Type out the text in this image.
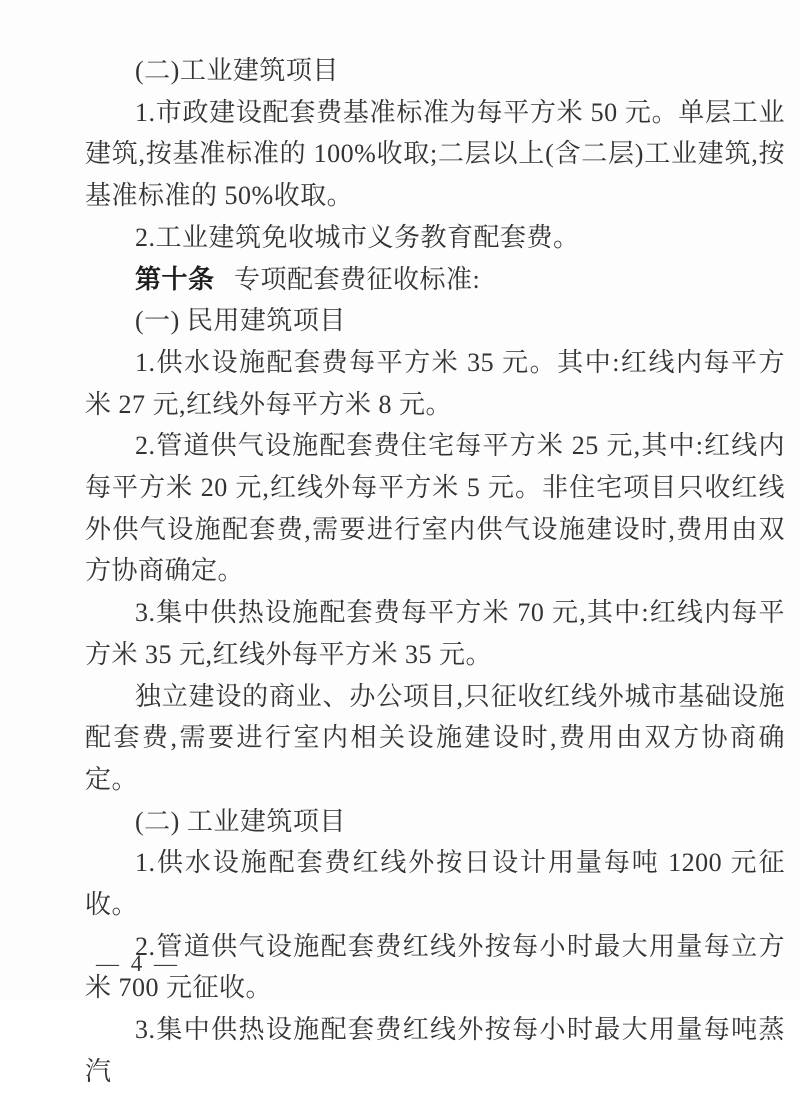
(二)工业建筑项目

1.市政建设配套费基准标准为每平方米 50 元。单层工业建筑,按基准标准的 100%收取;二层以上(含二层)工业建筑,按基准标准的 50%收取。

2.工业建筑免收城市义务教育配套费。

第十条 专项配套费征收标准:

(一) 民用建筑项目

1.供水设施配套费每平方米 35 元。其中:红线内每平方米 27 元,红线外每平方米 8 元。

2.管道供气设施配套费住宅每平方米 25 元,其中:红线内每平方米 20 元,红线外每平方米 5 元。非住宅项目只收红线外供气设施配套费,需要进行室内供气设施建设时,费用由双方协商确定。

3.集中供热设施配套费每平方米 70 元,其中:红线内每平方米 35 元,红线外每平方米 35 元。

独立建设的商业、办公项目,只征收红线外城市基础设施配套费,需要进行室内相关设施建设时,费用由双方协商确定。

(二) 工业建筑项目

1.供水设施配套费红线外按日设计用量每吨 1200 元征收。

2.管道供气设施配套费红线外按每小时最大用量每立方米 700 元征收。

3.集中供热设施配套费红线外按每小时最大用量每吨蒸汽

— 4 —
